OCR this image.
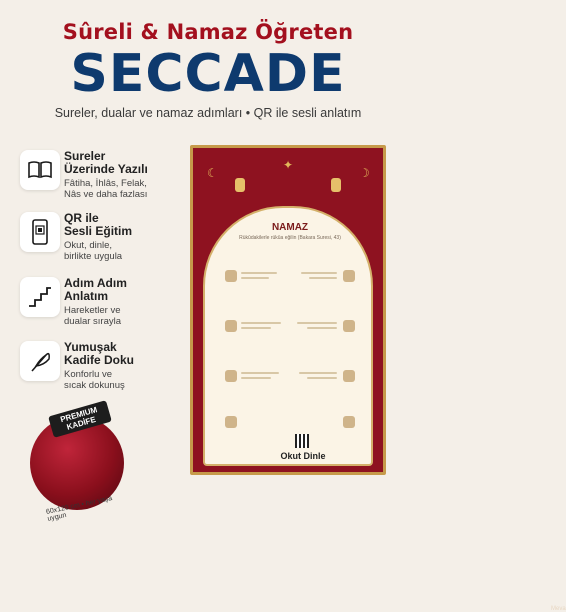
Sûreli & Namaz Öğreten
SECCADE
Sureler, dualar ve namaz adımları • QR ile sesli anlatım
Sureler
Üzerinde Yazılı
Fâtiha, İhlâs, Felak,
Nâs ve daha fazlası
QR ile
Sesli Eğitim
Okut, dinle,
birlikte uygula
Adım Adım
Anlatım
Hareketler ve
dualar sırayla
Yumuşak
Kadife Doku
Konforlu ve
sıcak dokunuş
PREMIUM KADİFE
60x120 cm • her yaşa uygun
☾	☽
✦
NAMAZ
Rükûdakilerle rükûa eğilin (Bakara Suresi, 43)
Okut Dinle
Meva
